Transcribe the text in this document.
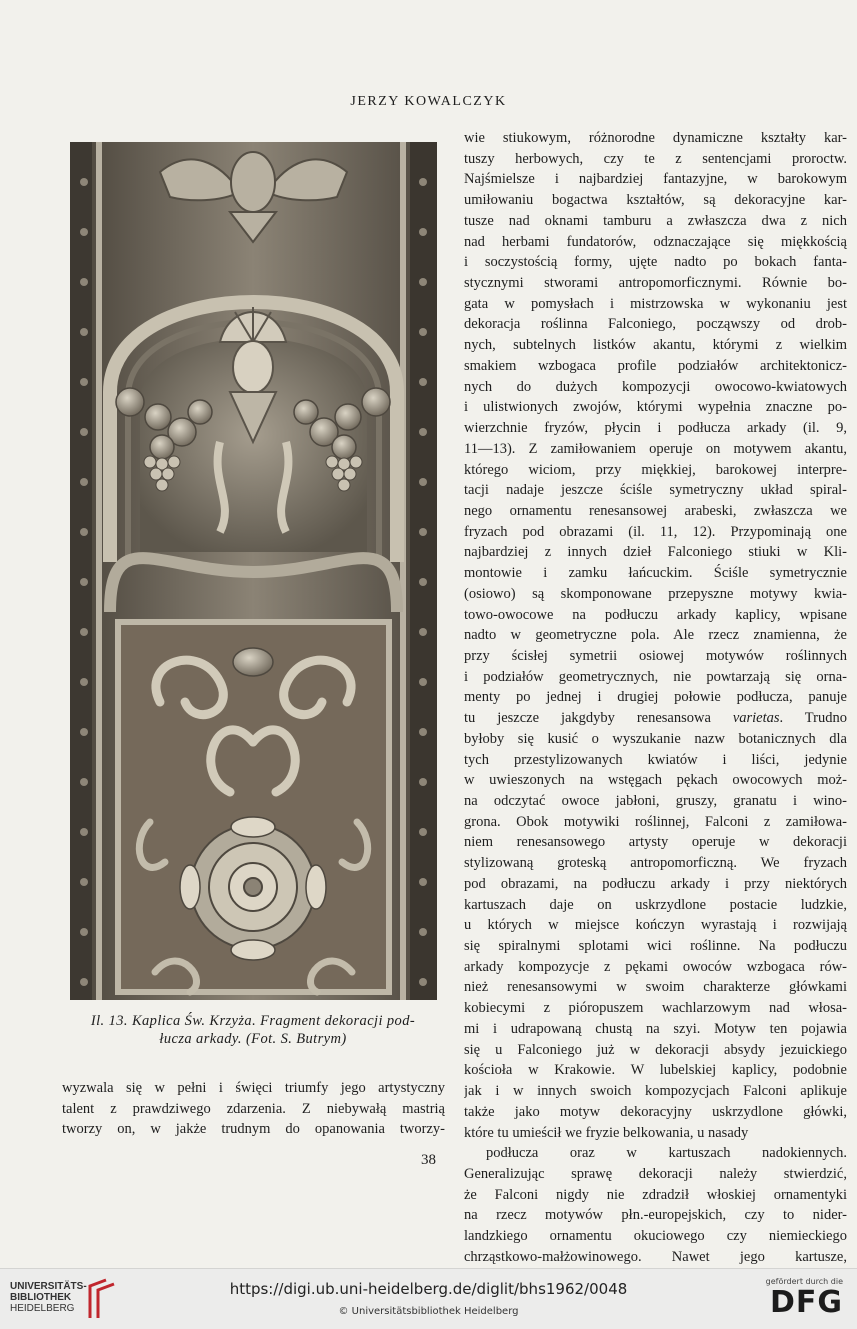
JERZY KOWALCZYK
Il. 13. Kaplica Św. Krzyża. Fragment dekoracji pod-
łucza arkady. (Fot. S. Butrym)
wyzwala się w pełni i święci triumfy jego artystyczny
talent z prawdziwego zdarzenia. Z niebywałą mastrią
tworzy on, w jakże trudnym do opanowania tworzy-
wie stiukowym, różnorodne dynamiczne kształty kar-
tuszy herbowych, czy te z sentencjami proroctw.
Najśmielsze i najbardziej fantazyjne, w barokowym
umiłowaniu bogactwa kształtów, są dekoracyjne kar-
tusze nad oknami tamburu a zwłaszcza dwa z nich
nad herbami fundatorów, odznaczające się miękkością
i soczystością formy, ujęte nadto po bokach fanta-
stycznymi stworami antropomorficznymi. Równie bo-
gata w pomysłach i mistrzowska w wykonaniu jest
dekoracja roślinna Falconiego, począwszy od drob-
nych, subtelnych listków akantu, którymi z wielkim
smakiem wzbogaca profile podziałów architektonicz-
nych do dużych kompozycji owocowo-kwiatowych
i ulistwionych zwojów, którymi wypełnia znaczne po-
wierzchnie fryzów, płycin i podłucza arkady (il. 9,
11—13). Z zamiłowaniem operuje on motywem akantu,
którego wiciom, przy miękkiej, barokowej interpre-
tacji nadaje jeszcze ściśle symetryczny układ spiral-
nego ornamentu renesansowej arabeski, zwłaszcza we
fryzach pod obrazami (il. 11, 12). Przypominają one
najbardziej z innych dzieł Falconiego stiuki w Kli-
montowie i zamku łańcuckim. Ściśle symetrycznie
(osiowo) są skomponowane przepyszne motywy kwia-
towo-owocowe na podłuczu arkady kaplicy, wpisane
nadto w geometryczne pola. Ale rzecz znamienna, że
przy ścisłej symetrii osiowej motywów roślinnych
i podziałów geometrycznych, nie powtarzają się orna-
menty po jednej i drugiej połowie podłucza, panuje
tu jeszcze jakgdyby renesansowa varietas. Trudno
byłoby się kusić o wyszukanie nazw botanicznych dla
tych przestylizowanych kwiatów i liści, jedynie
w uwieszonych na wstęgach pękach owocowych moż-
na odczytać owoce jabłoni, gruszy, granatu i wino-
grona. Obok motywiki roślinnej, Falconi z zamiłowa-
niem renesansowego artysty operuje w dekoracji
stylizowaną groteską antropomorficzną. We fryzach
pod obrazami, na podłuczu arkady i przy niektórych
kartuszach daje on uskrzydlone postacie ludzkie,
u których w miejsce kończyn wyrastają i rozwijają
się spiralnymi splotami wici roślinne. Na podłuczu
arkady kompozycje z pękami owoców wzbogaca rów-
nież renesansowymi w swoim charakterze główkami
kobiecymi z pióropuszem wachlarzowym nad włosa-
mi i udrapowaną chustą na szyi. Motyw ten pojawia
się u Falconiego już w dekoracji absydy jezuickiego
kościoła w Krakowie. W lubelskiej kaplicy, podobnie
jak i w innych swoich kompozycjach Falconi aplikuje
także jako motyw dekoracyjny uskrzydlone główki,
które tu umieścił we fryzie belkowania, u nasady
podłucza oraz w kartuszach nadokiennych.
Generalizując sprawę dekoracji należy stwierdzić,
że Falconi nigdy nie zdradził włoskiej ornamentyki
na rzecz motywów płn.-europejskich, czy to nider-
landzkiego ornamentu okuciowego czy niemieckiego
chrząstkowo-małżowinowego. Nawet jego kartusze,
38
UNIVERSITÄTS-
BIBLIOTHEK
HEIDELBERG
https://digi.ub.uni-heidelberg.de/diglit/bhs1962/0048
© Universitätsbibliothek Heidelberg
gefördert durch die
DFG
